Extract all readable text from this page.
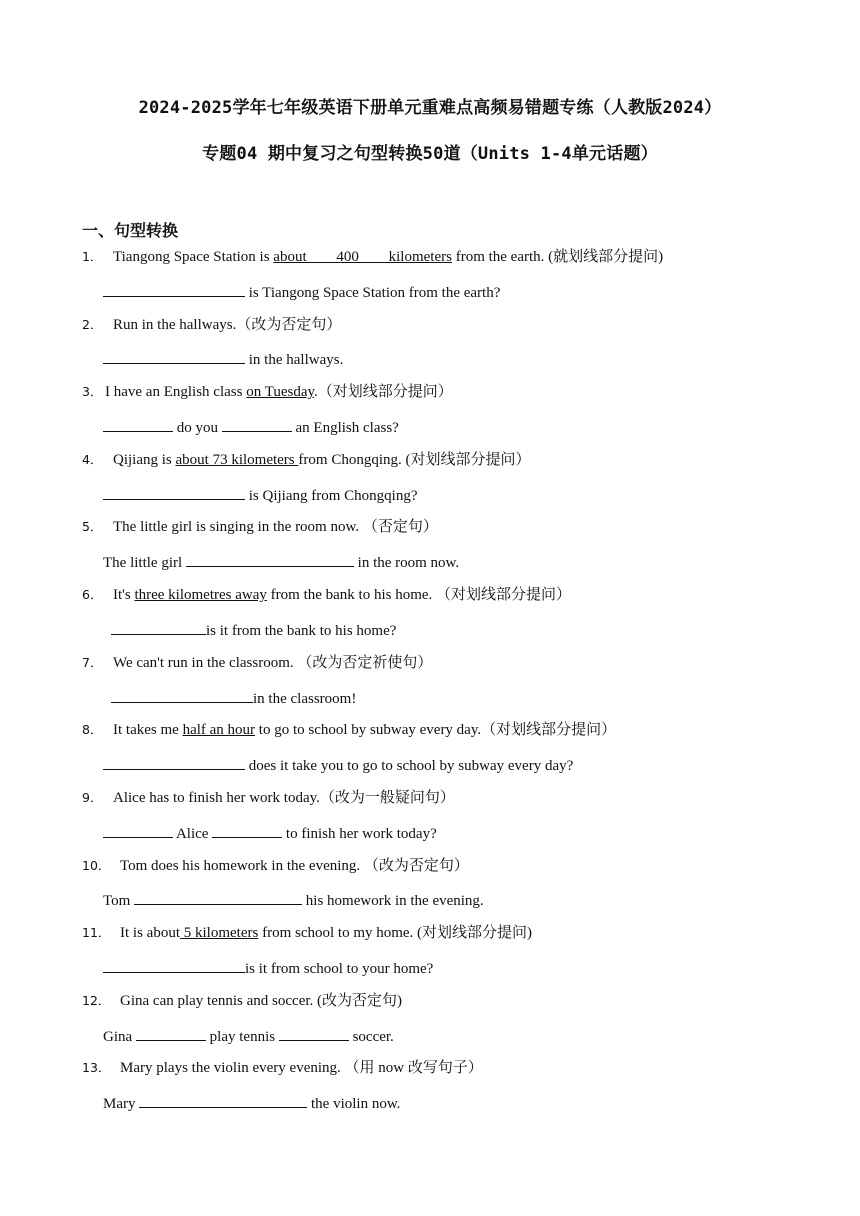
2024-2025学年七年级英语下册单元重难点高频易错题专练（人教版2024）
专题04 期中复习之句型转换50道（Units 1-4单元话题）
一、句型转换
1． Tiangong Space Station is about 400 kilometers from the earth. (就划线部分提问)
is Tiangong Space Station from the earth?
2． Run in the hallways.（改为否定句）
in the hallways.
3． I have an English class on Tuesday.（对划线部分提问）
do you	an English class?
4． Qijiang is about 73 kilometers from Chongqing. (对划线部分提问）
is Qijiang from Chongqing?
5． The little girl is singing in the room now. （否定句）
The little girl	in the room now.
6． It's three kilometres away from the bank to his home. （对划线部分提问）
is it from the bank to his home?
7． We can't run in the classroom. （改为否定祈使句）
in the classroom!
8． It takes me half an hour to go to school by subway every day.（对划线部分提问）
does it take you to go to school by subway every day?
9． Alice has to finish her work today.（改为一般疑问句）
Alice	to finish her work today?
10． Tom does his homework in the evening. （改为否定句）
Tom	his homework in the evening.
11． It is about 5 kilometers from school to my home. (对划线部分提问)
is it from school to your home?
12． Gina can play tennis and soccer. (改为否定句)
Gina	play tennis	soccer.
13． Mary plays the violin every evening. （用 now 改写句子）
Mary	the violin now.
